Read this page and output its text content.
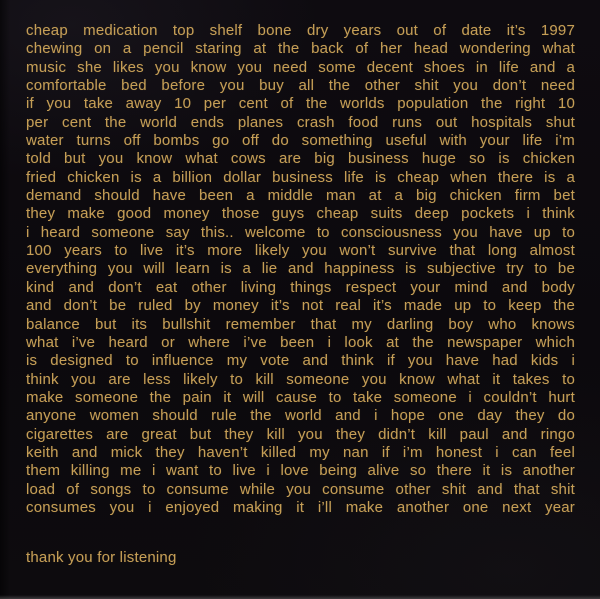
cheap medication top shelf bone dry years out of date it’s 1997
chewing on a pencil staring at the back of her head wondering what
music she likes you know you need some decent shoes in life and a
comfortable bed before you buy all the other shit you don’t need
if you take away 10 per cent of the worlds population the right 10
per cent the world ends planes crash food runs out hospitals shut
water turns off bombs go off do something useful with your life i’m
told but you know what cows are big business huge so is chicken
fried chicken is a billion dollar business life is cheap when there is a
demand should have been a middle man at a big chicken firm bet
they make good money those guys cheap suits deep pockets i think
i heard someone say this.. welcome to consciousness you have up to
100 years to live it’s more likely you won’t survive that long almost
everything you will learn is a lie and happiness is subjective try to be
kind and don’t eat other living things respect your mind and body
and don’t be ruled by money it’s not real it’s made up to keep the
balance but its bullshit remember that my darling boy who knows
what i’ve heard or where i’ve been i look at the newspaper which
is designed to influence my vote and think if you have had kids i
think you are less likely to kill someone you know what it takes to
make someone the pain it will cause to take someone i couldn’t hurt
anyone women should rule the world and i hope one day they do
cigarettes are great but they kill you they didn’t kill paul and ringo
keith and mick they haven’t killed my nan if i’m honest i can feel
them killing me i want to live i love being alive so there it is another
load of songs to consume while you consume other shit and that shit
consumes you i enjoyed making it i’ll make another one next year
thank you for listening
